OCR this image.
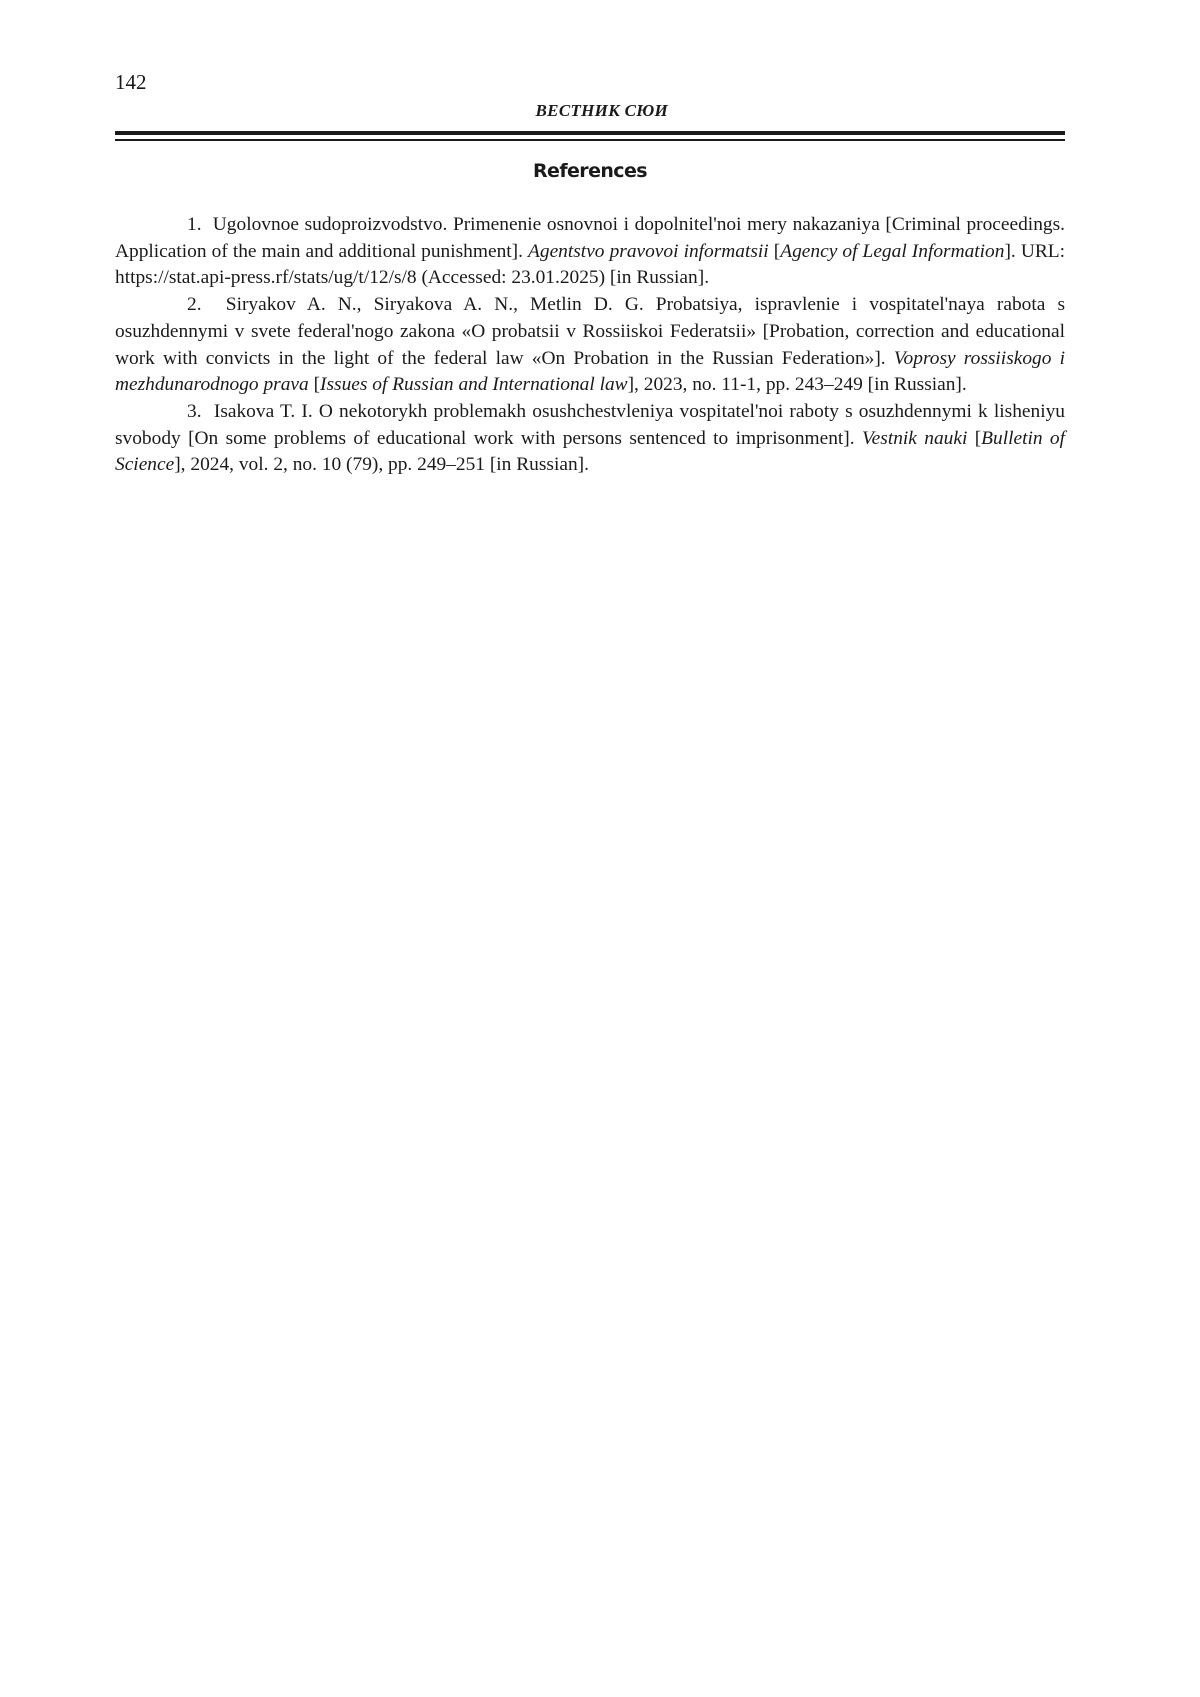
142
ВЕСТНИК СЮИ
References
1. Ugolovnoe sudoproizvodstvo. Primenenie osnovnoi i dopolnitel'noi mery nakazaniya [Criminal proceedings. Application of the main and additional punishment]. Agentstvo pravovoi informatsii [Agency of Legal Information]. URL: https://stat.api-press.rf/stats/ug/t/12/s/8 (Accessed: 23.01.2025) [in Russian].
2. Siryakov A. N., Siryakova A. N., Metlin D. G. Probatsiya, ispravlenie i vospitatel'naya rabota s osuzhdennymi v svete federal'nogo zakona «O probatsii v Rossiiskoi Federatsii» [Probation, correction and educational work with convicts in the light of the federal law «On Probation in the Russian Federation»]. Voprosy rossiiskogo i mezhdunarodnogo prava [Issues of Russian and International law], 2023, no. 11-1, pp. 243–249 [in Russian].
3. Isakova T. I. O nekotorykh problemakh osushchestvleniya vospitatel'noi raboty s osuzhdennymi k lisheniyu svobody [On some problems of educational work with persons sentenced to imprisonment]. Vestnik nauki [Bulletin of Science], 2024, vol. 2, no. 10 (79), pp. 249–251 [in Russian].
